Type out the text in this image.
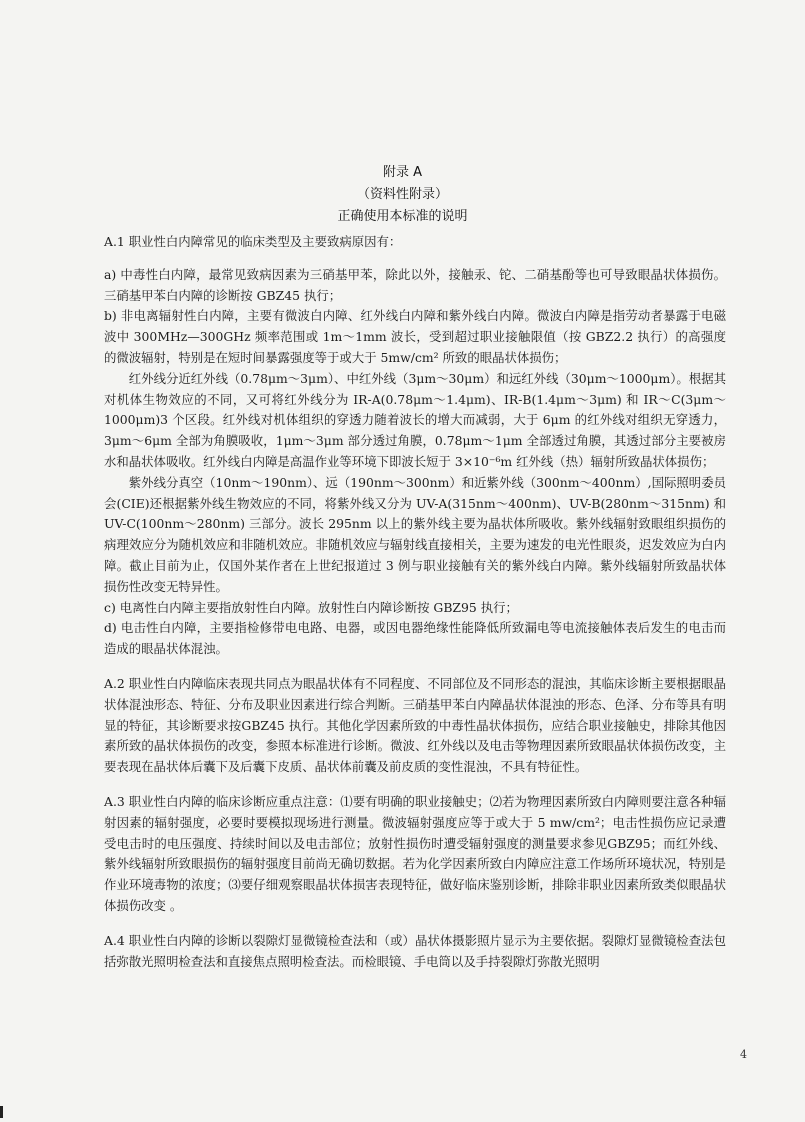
附录 A
（资料性附录）
正确使用本标准的说明

A.1 职业性白内障常见的临床类型及主要致病原因有：

a) 中毒性白内障，最常见致病因素为三硝基甲苯，除此以外，接触汞、铊、二硝基酚等也可导致眼晶状体损伤。三硝基甲苯白内障的诊断按 GBZ45 执行；

b) 非电离辐射性白内障，主要有微波白内障、红外线白内障和紫外线白内障。微波白内障是指劳动者暴露于电磁波中 300MHz—300GHz 频率范围或 1m～1mm 波长，受到超过职业接触限值（按 GBZ2.2 执行）的高强度的微波辐射，特别是在短时间暴露强度等于或大于 5mw/cm² 所致的眼晶状体损伤；

红外线分近红外线（0.78μm～3μm）、中红外线（3μm～30μm）和远红外线（30μm～1000μm）。根据其对机体生物效应的不同，又可将红外线分为 IR-A(0.78μm～1.4μm)、IR-B(1.4μm～3μm) 和 IR～C(3μm～1000μm)3 个区段。红外线对机体组织的穿透力随着波长的增大而减弱，大于 6μm 的红外线对组织无穿透力，3μm～6μm 全部为角膜吸收，1μm～3μm 部分透过角膜，0.78μm～1μm 全部透过角膜，其透过部分主要被房水和晶状体吸收。红外线白内障是高温作业等环境下即波长短于 3×10⁻⁶m 红外线（热）辐射所致晶状体损伤；

紫外线分真空（10nm～190nm）、远（190nm～300nm）和近紫外线（300nm～400nm）,国际照明委员会(CIE)还根据紫外线生物效应的不同，将紫外线又分为 UV-A(315nm～400nm)、UV-B(280nm～315nm) 和 UV-C(100nm～280nm) 三部分。波长 295nm 以上的紫外线主要为晶状体所吸收。紫外线辐射致眼组织损伤的病理效应分为随机效应和非随机效应。非随机效应与辐射线直接相关，主要为速发的电光性眼炎，迟发效应为白内障。截止目前为止，仅国外某作者在上世纪报道过 3 例与职业接触有关的紫外线白内障。紫外线辐射所致晶状体损伤性改变无特异性。

c) 电离性白内障主要指放射性白内障。放射性白内障诊断按 GBZ95 执行；

d) 电击性白内障，主要指检修带电电路、电器，或因电器绝缘性能降低所致漏电等电流接触体表后发生的电击而造成的眼晶状体混浊。

A.2 职业性白内障临床表现共同点为眼晶状体有不同程度、不同部位及不同形态的混浊，其临床诊断主要根据眼晶状体混浊形态、特征、分布及职业因素进行综合判断。三硝基甲苯白内障晶状体混浊的形态、色泽、分布等具有明显的特征，其诊断要求按GBZ45 执行。其他化学因素所致的中毒性晶状体损伤，应结合职业接触史，排除其他因素所致的晶状体损伤的改变，参照本标准进行诊断。微波、红外线以及电击等物理因素所致眼晶状体损伤改变，主要表现在晶状体后囊下及后囊下皮质、晶状体前囊及前皮质的变性混浊，不具有特征性。

A.3 职业性白内障的临床诊断应重点注意：⑴要有明确的职业接触史；⑵若为物理因素所致白内障则要注意各种辐射因素的辐射强度，必要时要模拟现场进行测量。微波辐射强度应等于或大于 5 mw/cm²；电击性损伤应记录遭受电击时的电压强度、持续时间以及电击部位；放射性损伤时遭受辐射强度的测量要求参见GBZ95；而红外线、紫外线辐射所致眼损伤的辐射强度目前尚无确切数据。若为化学因素所致白内障应注意工作场所环境状况，特别是作业环境毒物的浓度；⑶要仔细观察眼晶状体损害表现特征，做好临床鉴别诊断，排除非职业因素所致类似眼晶状体损伤改变 。

A.4 职业性白内障的诊断以裂隙灯显微镜检查法和（或）晶状体摄影照片显示为主要依据。裂隙灯显微镜检查法包括弥散光照明检查法和直接焦点照明检查法。而检眼镜、手电筒以及手持裂隙灯弥散光照明

4
